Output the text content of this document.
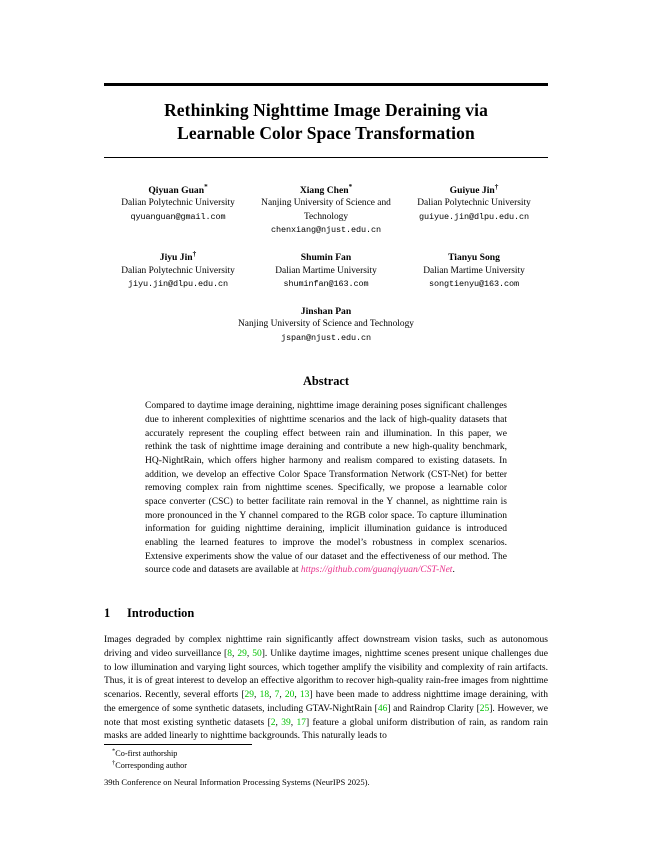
Rethinking Nighttime Image Deraining via
Learnable Color Space Transformation
Qiyuan Guan*
Dalian Polytechnic University
qyuanguan@gmail.com
Xiang Chen*
Nanjing University of Science and Technology
chenxiang@njust.edu.cn
Guiyue Jin†
Dalian Polytechnic University
guiyue.jin@dlpu.edu.cn
Jiyu Jin†
Dalian Polytechnic University
jiyu.jin@dlpu.edu.cn
Shumin Fan
Dalian Martime University
shuminfan@163.com
Tianyu Song
Dalian Martime University
songtienyu@163.com
Jinshan Pan
Nanjing University of Science and Technology
jspan@njust.edu.cn
Abstract
Compared to daytime image deraining, nighttime image deraining poses significant challenges due to inherent complexities of nighttime scenarios and the lack of high-quality datasets that accurately represent the coupling effect between rain and illumination. In this paper, we rethink the task of nighttime image deraining and contribute a new high-quality benchmark, HQ-NightRain, which offers higher harmony and realism compared to existing datasets. In addition, we develop an effective Color Space Transformation Network (CST-Net) for better removing complex rain from nighttime scenes. Specifically, we propose a learnable color space converter (CSC) to better facilitate rain removal in the Y channel, as nighttime rain is more pronounced in the Y channel compared to the RGB color space. To capture illumination information for guiding nighttime deraining, implicit illumination guidance is introduced enabling the learned features to improve the model’s robustness in complex scenarios. Extensive experiments show the value of our dataset and the effectiveness of our method. The source code and datasets are available at https://github.com/guanqiyuan/CST-Net.
1 Introduction
Images degraded by complex nighttime rain significantly affect downstream vision tasks, such as autonomous driving and video surveillance [8, 29, 50]. Unlike daytime images, nighttime scenes present unique challenges due to low illumination and varying light sources, which together amplify the visibility and complexity of rain artifacts. Thus, it is of great interest to develop an effective algorithm to recover high-quality rain-free images from nighttime scenarios. Recently, several efforts [29, 18, 7, 20, 13] have been made to address nighttime image deraining, with the emergence of some synthetic datasets, including GTAV-NightRain [46] and Raindrop Clarity [25]. However, we note that most existing synthetic datasets [2, 39, 17] feature a global uniform distribution of rain, as random rain masks are added linearly to nighttime backgrounds. This naturally leads to
*Co-first authorship
†Corresponding author
39th Conference on Neural Information Processing Systems (NeurIPS 2025).
